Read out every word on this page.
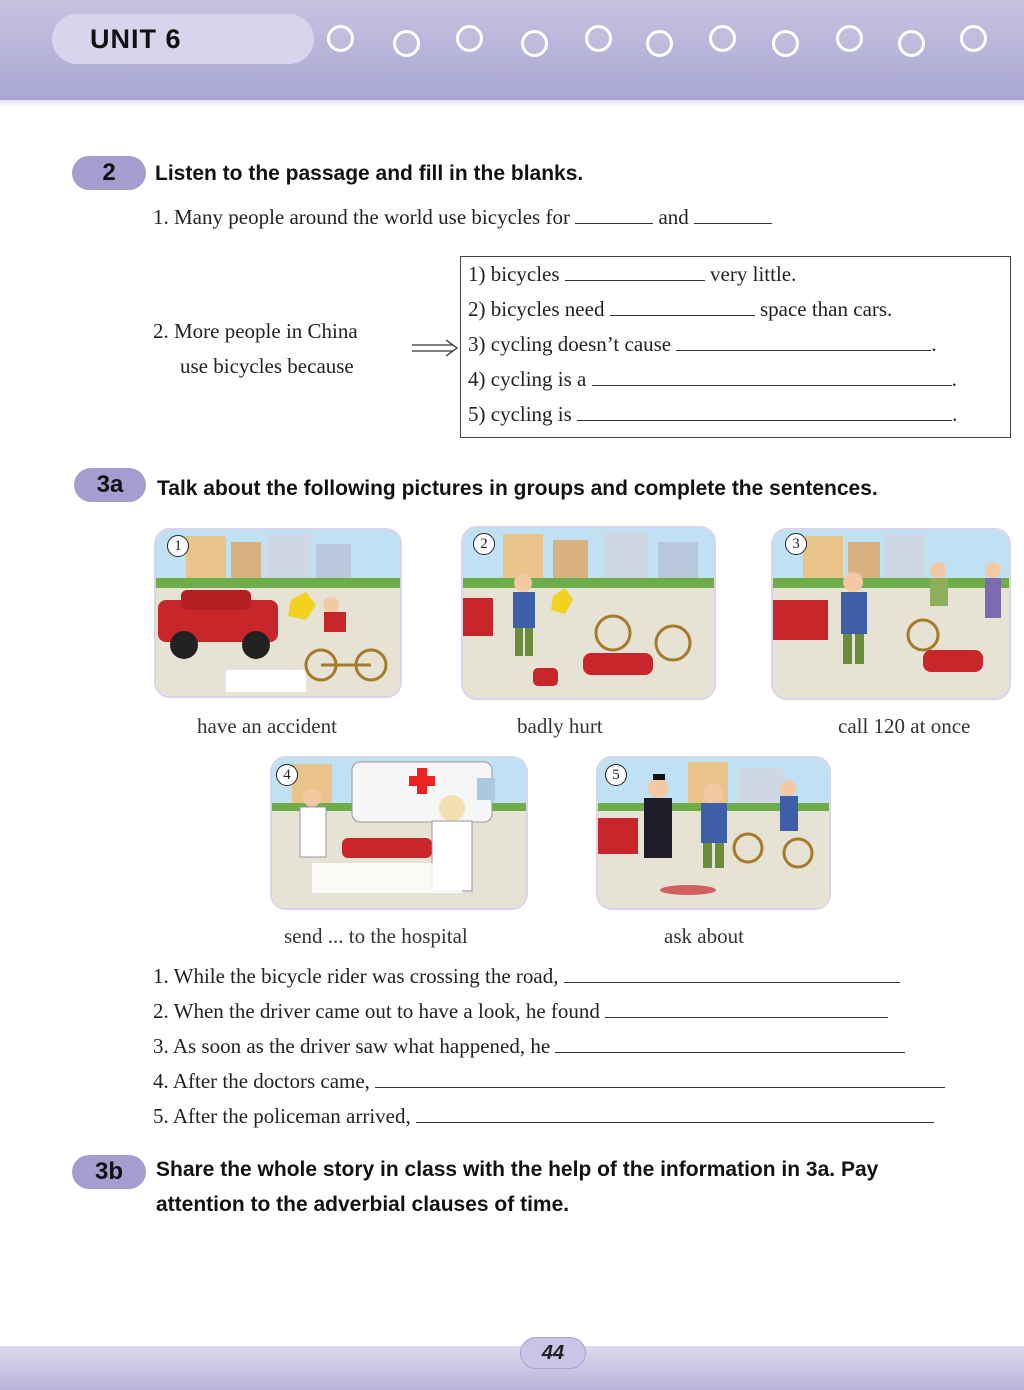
UNIT 6
2	Listen to the passage and fill in the blanks.
1. Many people around the world use bicycles for	and
2. More people in China
use bicycles because
1) bicycles	very little.
2) bicycles need	space than cars.
3) cycling doesn’t cause	.
4) cycling is a	.
5) cycling is	.
3a	Talk about the following pictures in groups and complete the sentences.
1
have an accident
2
badly hurt
3
call 120 at once
4
send ... to the hospital
5
ask about
1. While the bicycle rider was crossing the road,
2. When the driver came out to have a look, he found
3. As soon as the driver saw what happened, he
4. After the doctors came,
5. After the policeman arrived,
3b	Share the whole story in class with the help of the information in 3a. Pay
attention to the adverbial clauses of time.
44
